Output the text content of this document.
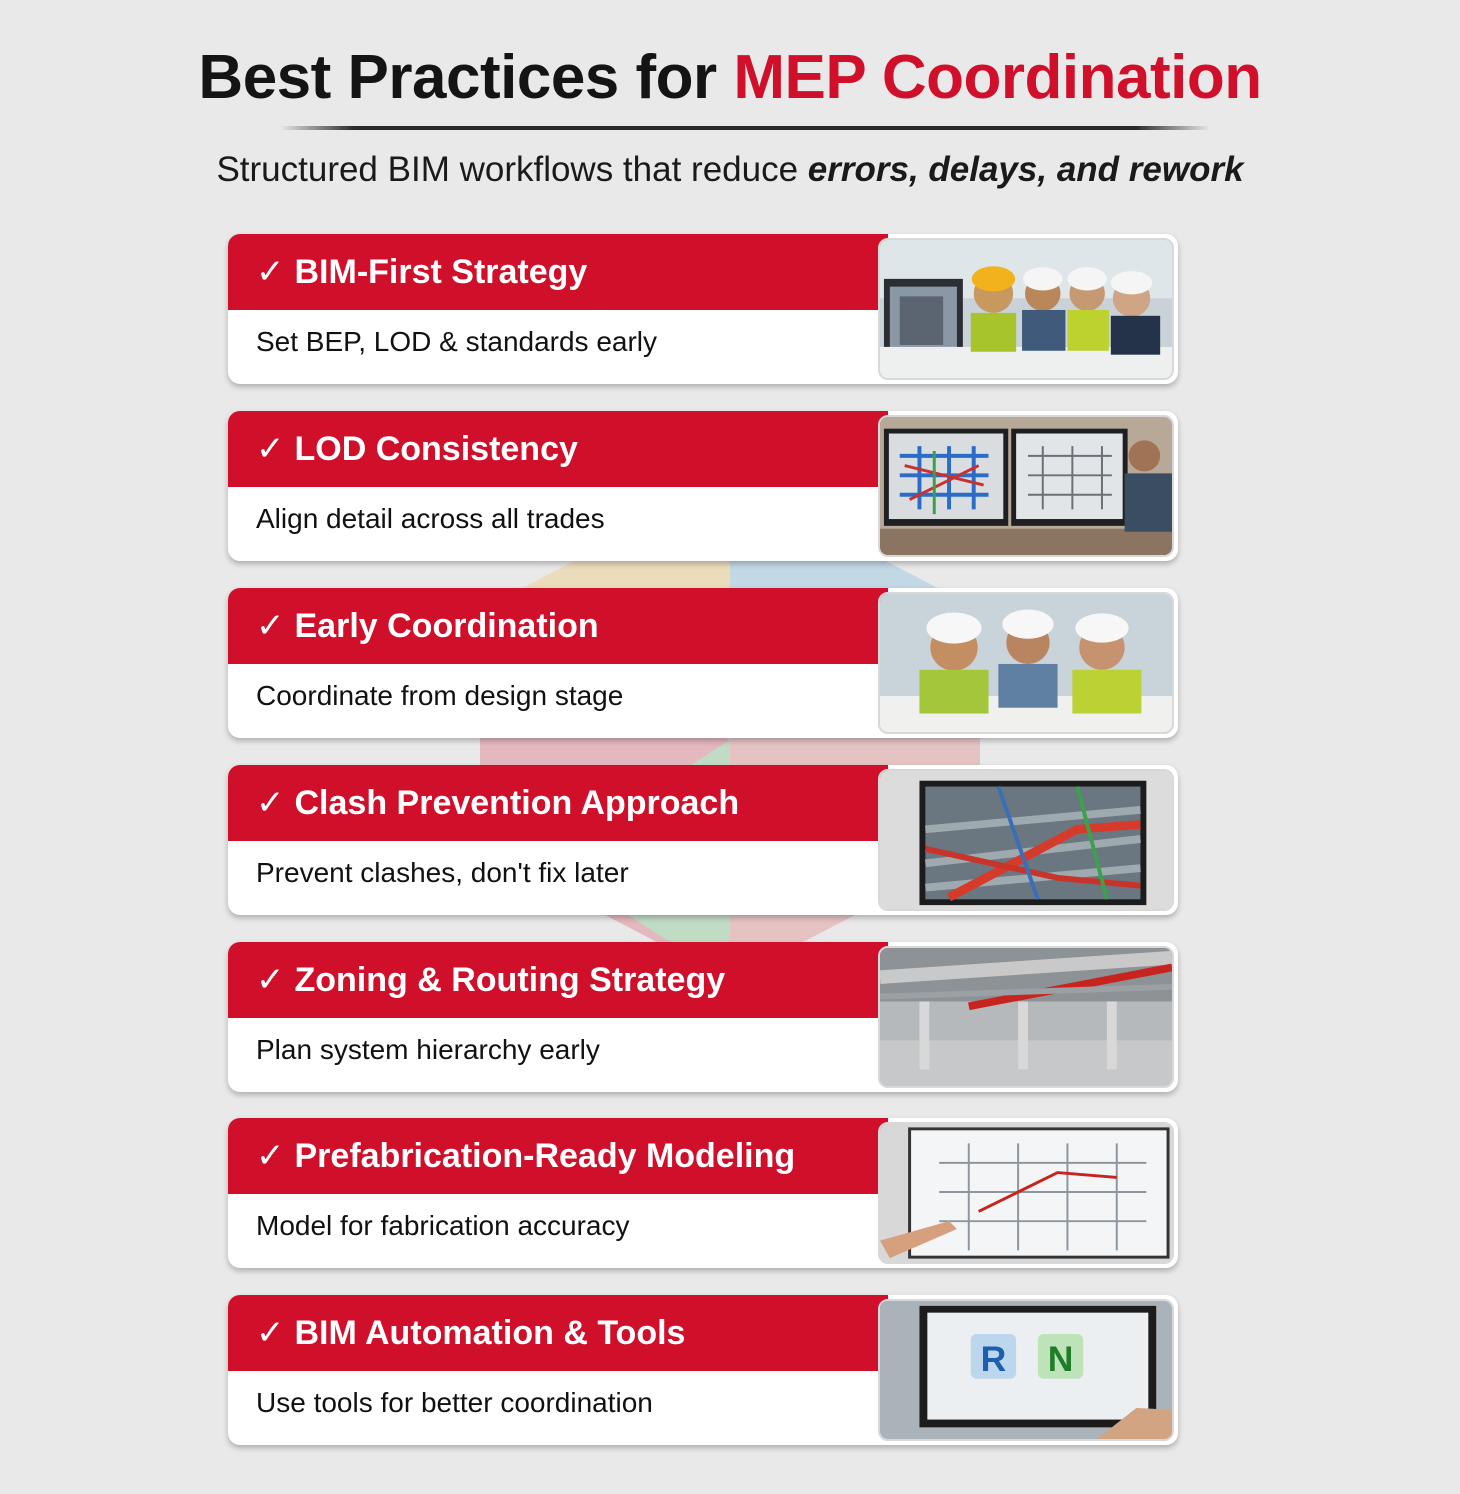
Best Practices for MEP Coordination
Structured BIM workflows that reduce errors, delays, and rework
✓ BIM-First Strategy
Set BEP, LOD & standards early
✓ LOD Consistency
Align detail across all trades
✓ Early Coordination
Coordinate from design stage
✓ Clash Prevention Approach
Prevent clashes, don't fix later
✓ Zoning & Routing Strategy
Plan system hierarchy early
✓ Prefabrication-Ready Modeling
Model for fabrication accuracy
✓ BIM Automation & Tools
Use tools for better coordination
R N
